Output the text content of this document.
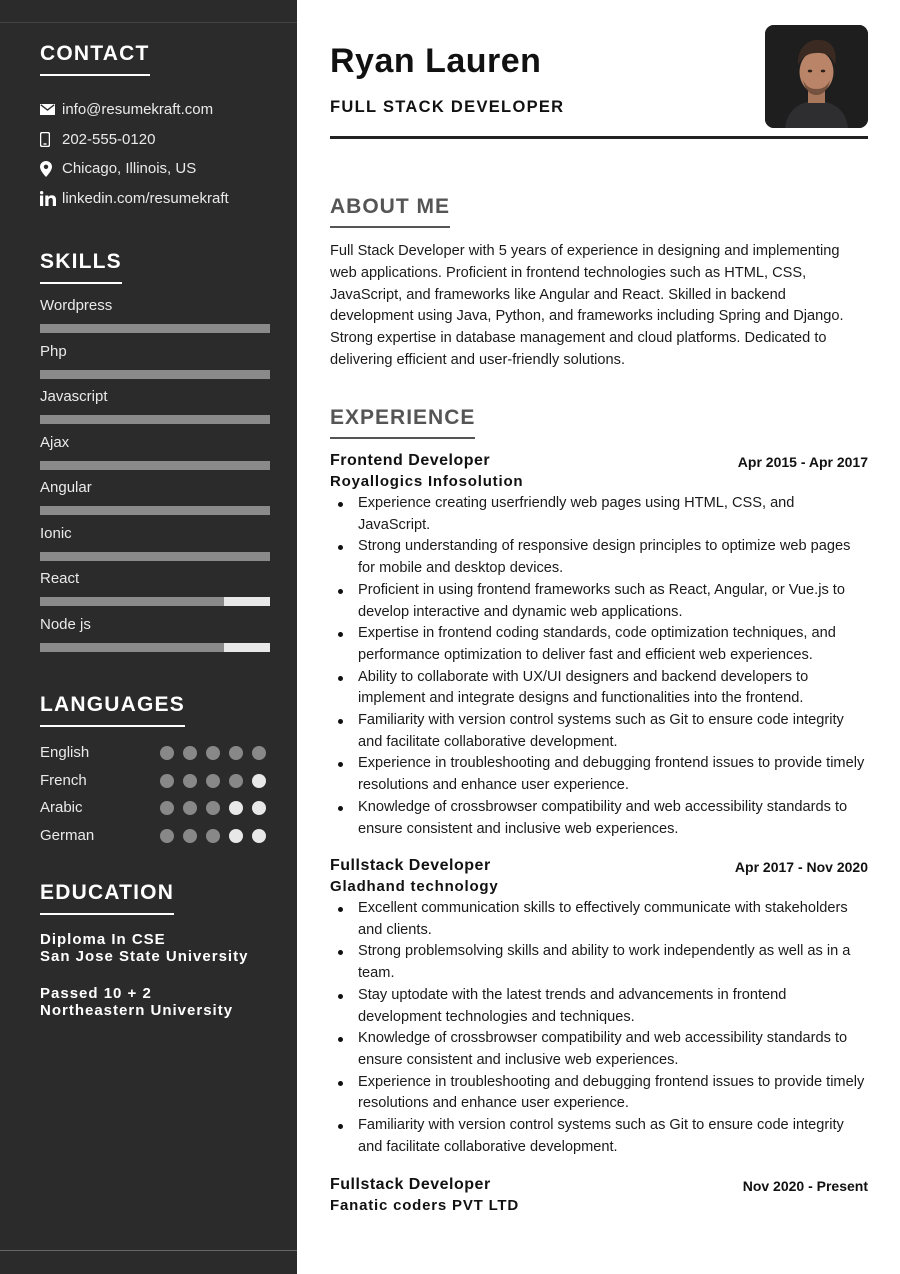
CONTACT
info@resumekraft.com
202-555-0120
Chicago, Illinois, US
linkedin.com/resumekraft
SKILLS
Wordpress
Php
Javascript
Ajax
Angular
Ionic
React
Node js
LANGUAGES
English
French
Arabic
German
EDUCATION
Diploma In CSE
San Jose State University
Passed 10 + 2
Northeastern University
Ryan Lauren
FULL STACK DEVELOPER
ABOUT ME
Full Stack Developer with 5 years of experience in designing and implementing web applications. Proficient in frontend technologies such as HTML, CSS, JavaScript, and frameworks like Angular and React. Skilled in backend development using Java, Python, and frameworks including Spring and Django. Strong expertise in database management and cloud platforms. Dedicated to delivering efficient and user-friendly solutions.
EXPERIENCE
Frontend Developer	Apr 2015 - Apr 2017
Royallogics Infosolution
Experience creating userfriendly web pages using HTML, CSS, and JavaScript.
Strong understanding of responsive design principles to optimize web pages for mobile and desktop devices.
Proficient in using frontend frameworks such as React, Angular, or Vue.js to develop interactive and dynamic web applications.
Expertise in frontend coding standards, code optimization techniques, and performance optimization to deliver fast and efficient web experiences.
Ability to collaborate with UX/UI designers and backend developers to implement and integrate designs and functionalities into the frontend.
Familiarity with version control systems such as Git to ensure code integrity and facilitate collaborative development.
Experience in troubleshooting and debugging frontend issues to provide timely resolutions and enhance user experience.
Knowledge of crossbrowser compatibility and web accessibility standards to ensure consistent and inclusive web experiences.
Fullstack Developer	Apr 2017 - Nov 2020
Gladhand technology
Excellent communication skills to effectively communicate with stakeholders and clients.
Strong problemsolving skills and ability to work independently as well as in a team.
Stay uptodate with the latest trends and advancements in frontend development technologies and techniques.
Knowledge of crossbrowser compatibility and web accessibility standards to ensure consistent and inclusive web experiences.
Experience in troubleshooting and debugging frontend issues to provide timely resolutions and enhance user experience.
Familiarity with version control systems such as Git to ensure code integrity and facilitate collaborative development.
Fullstack Developer	Nov 2020 - Present
Fanatic coders PVT LTD
